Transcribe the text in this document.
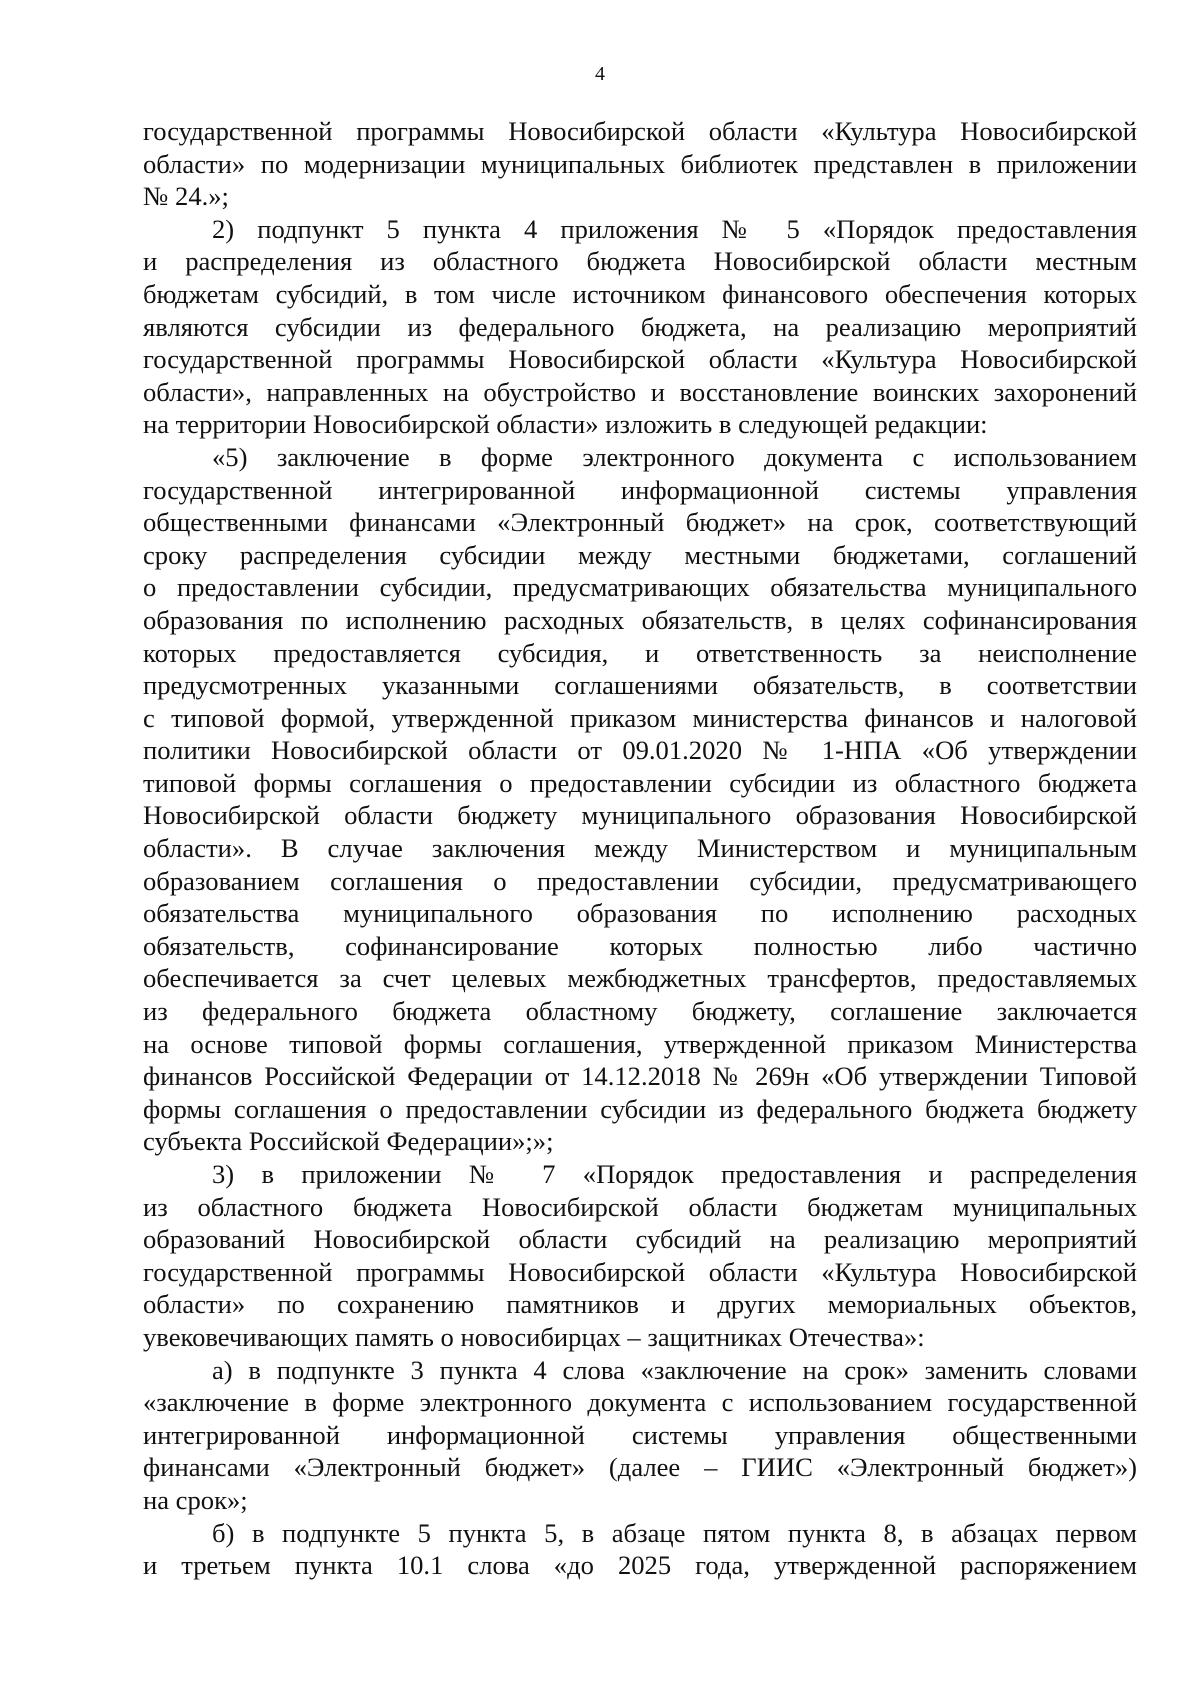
4

государственной программы Новосибирской области «Культура Новосибирской
области» по модернизации муниципальных библиотек представлен в приложении
№ 24.»;

2) подпункт 5 пункта 4 приложения № 5 «Порядок предоставления
и распределения из областного бюджета Новосибирской области местным
бюджетам субсидий, в том числе источником финансового обеспечения которых
являются субсидии из федерального бюджета, на реализацию мероприятий
государственной программы Новосибирской области «Культура Новосибирской
области», направленных на обустройство и восстановление воинских захоронений
на территории Новосибирской области» изложить в следующей редакции:

«5) заключение в форме электронного документа с использованием
государственной интегрированной информационной системы управления
общественными финансами «Электронный бюджет» на срок, соответствующий
сроку распределения субсидии между местными бюджетами, соглашений
о предоставлении субсидии, предусматривающих обязательства муниципального
образования по исполнению расходных обязательств, в целях софинансирования
которых предоставляется субсидия, и ответственность за неисполнение
предусмотренных указанными соглашениями обязательств, в соответствии
с типовой формой, утвержденной приказом министерства финансов и налоговой
политики Новосибирской области от 09.01.2020 № 1-НПА «Об утверждении
типовой формы соглашения о предоставлении субсидии из областного бюджета
Новосибирской области бюджету муниципального образования Новосибирской
области». В случае заключения между Министерством и муниципальным
образованием соглашения о предоставлении субсидии, предусматривающего
обязательства муниципального образования по исполнению расходных
обязательств, софинансирование которых полностью либо частично
обеспечивается за счет целевых межбюджетных трансфертов, предоставляемых
из федерального бюджета областному бюджету, соглашение заключается
на основе типовой формы соглашения, утвержденной приказом Министерства
финансов Российской Федерации от 14.12.2018 № 269н «Об утверждении Типовой
формы соглашения о предоставлении субсидии из федерального бюджета бюджету
субъекта Российской Федерации»;»;

3) в приложении № 7 «Порядок предоставления и распределения
из областного бюджета Новосибирской области бюджетам муниципальных
образований Новосибирской области субсидий на реализацию мероприятий
государственной программы Новосибирской области «Культура Новосибирской
области» по сохранению памятников и других мемориальных объектов,
увековечивающих память о новосибирцах – защитниках Отечества»:

а) в подпункте 3 пункта 4 слова «заключение на срок» заменить словами
«заключение в форме электронного документа с использованием государственной
интегрированной информационной системы управления общественными
финансами «Электронный бюджет» (далее – ГИИС «Электронный бюджет»)
на срок»;

б) в подпункте 5 пункта 5, в абзаце пятом пункта 8, в абзацах первом
и третьем пункта 10.1 слова «до 2025 года, утвержденной распоряжением
